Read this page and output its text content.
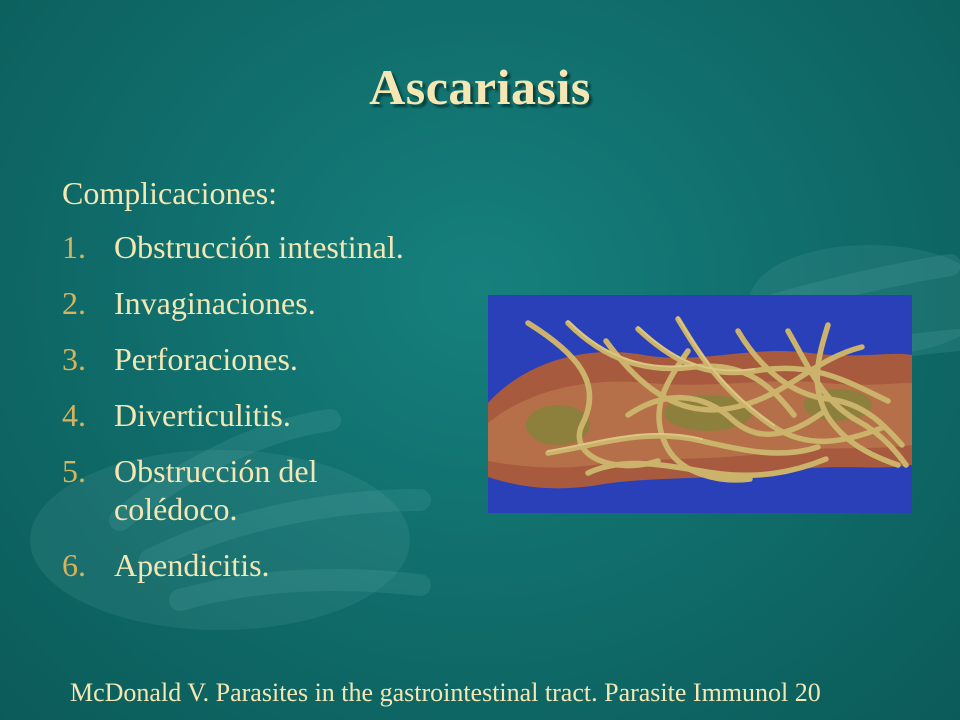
Ascariasis
Complicaciones:
1. Obstrucción intestinal.
2. Invaginaciones.
3. Perforaciones.
4. Diverticulitis.
5. Obstrucción del colédoco.
6. Apendicitis.
McDonald V. Parasites in the gastrointestinal tract. Parasite Immunol 20
